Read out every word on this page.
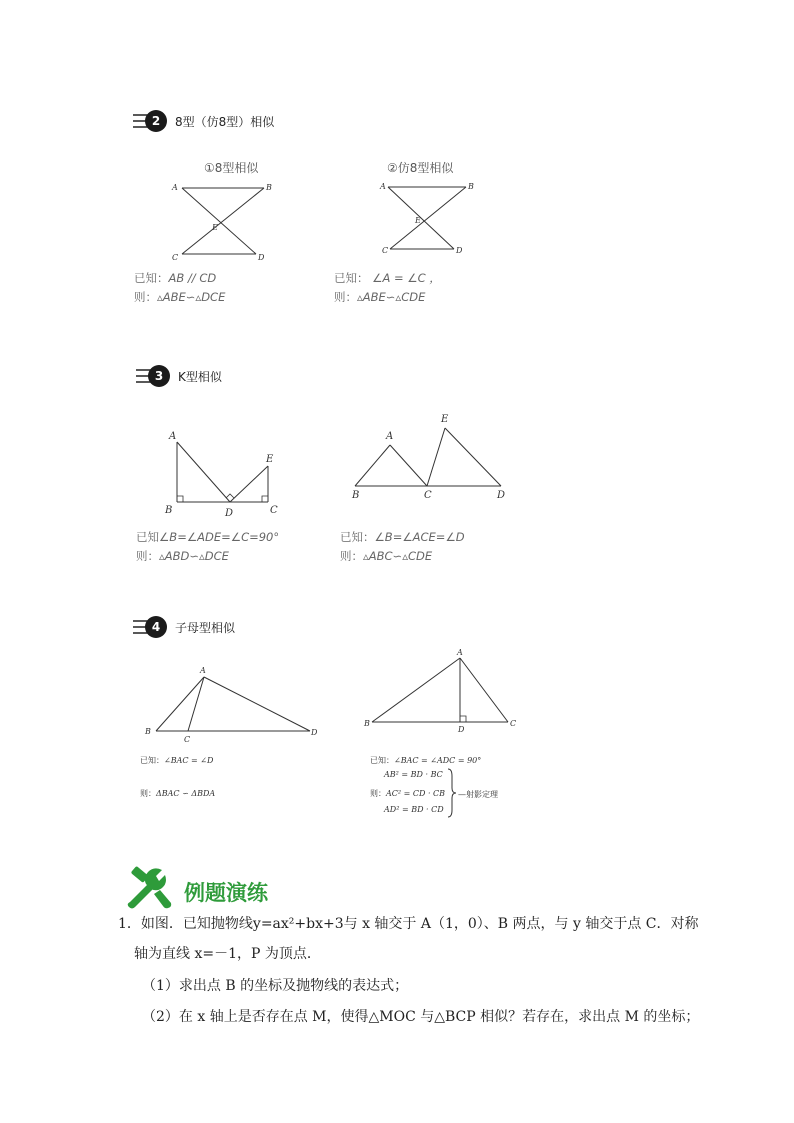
2	8型（仿8型）相似
①8型相似
A	B
E
C	D
已知：AB // CD
则：▵ABE∽▵DCE
②仿8型相似
A	B
E
C	D
已知： ∠A = ∠C ，
则：▵ABE∽▵CDE
3	K型相似
A
E
B	D	C
已知∠B=∠ADE=∠C=90°
则：▵ABD∽▵DCE
E
A
B	C	D
已知：∠B=∠ACE=∠D
则：▵ABC∽▵CDE
4	子母型相似
A
B
C
D
已知：∠BAC = ∠D
则：ΔBAC ∽ ΔBDA
A
B
D
C
已知：∠BAC = ∠ADC = 90°
AB² = BD · BC
则：AC² = CD · CB
AD² = BD · CD
—射影定理
例题演练
1．如图．已知抛物线y=ax²+bx+3与 x 轴交于 A（1，0）、B 两点，与 y 轴交于点 C．对称
轴为直线 x=－1，P 为顶点．
（1）求出点 B 的坐标及抛物线的表达式；
（2）在 x 轴上是否存在点 M，使得△MOC 与△BCP 相似？若存在，求出点 M 的坐标；
